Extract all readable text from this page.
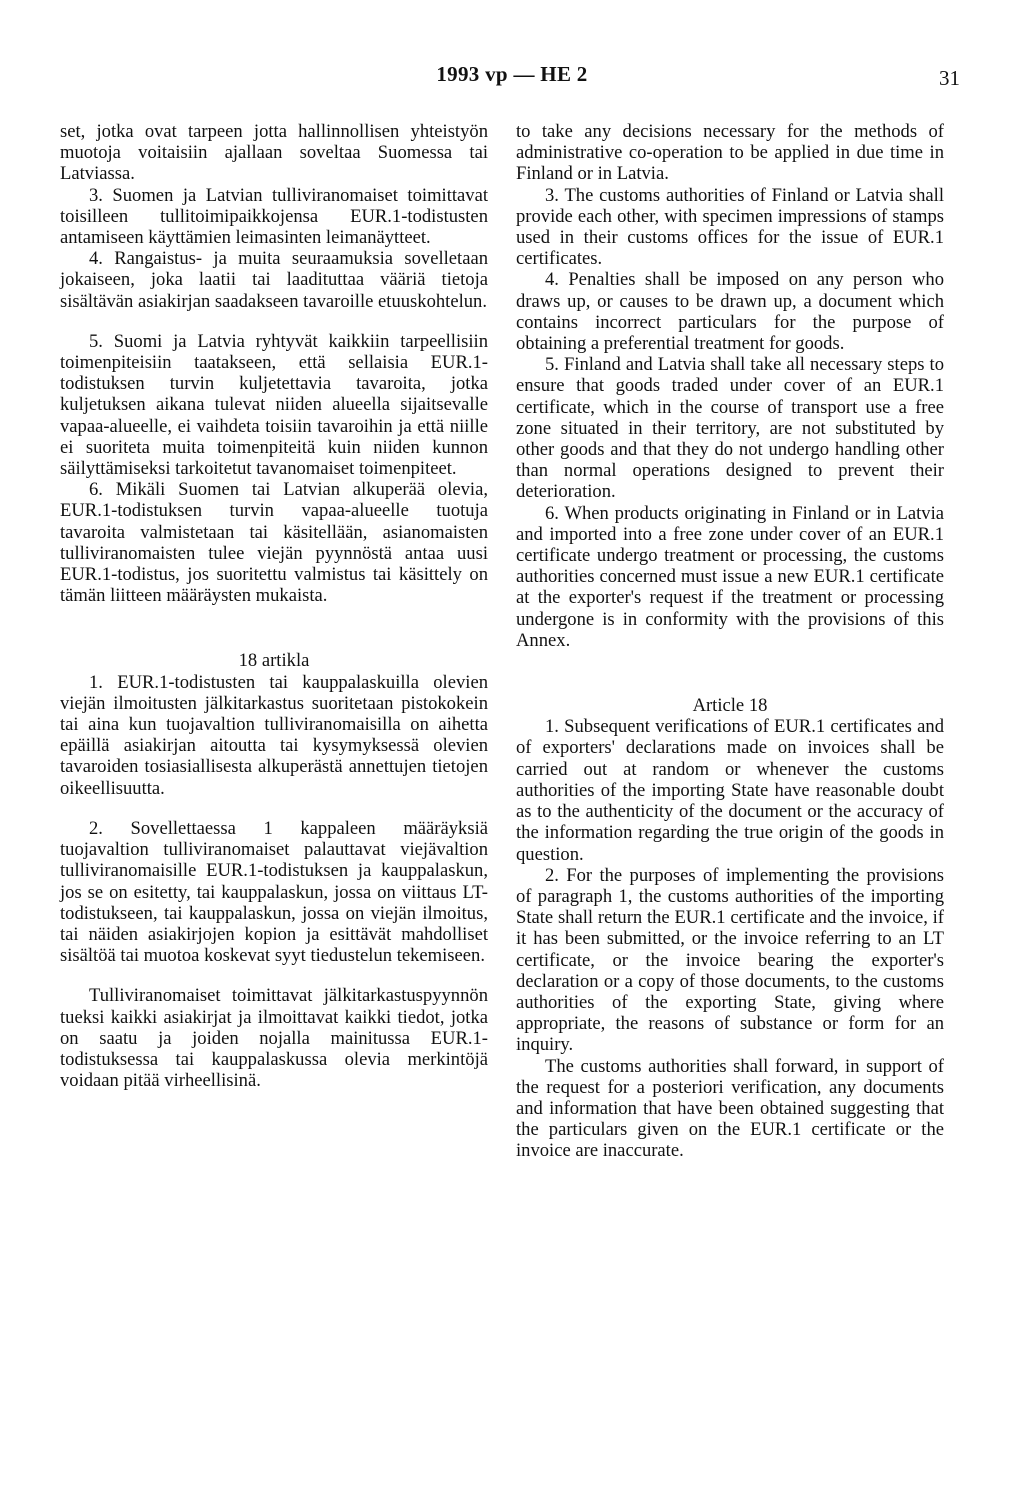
1993 vp — HE 2	31

set, jotka ovat tarpeen jotta hallinnollisen yhteistyön muotoja voitaisiin ajallaan soveltaa Suomessa tai Latviassa.

3. Suomen ja Latvian tulliviranomaiset toimittavat toisilleen tullitoimipaikkojensa EUR.1-todistusten antamiseen käyttämien leimasinten leimanäytteet.

4. Rangaistus- ja muita seuraamuksia sovelletaan jokaiseen, joka laatii tai laadituttaa vääriä tietoja sisältävän asiakirjan saadakseen tavaroille etuuskohtelun.

5. Suomi ja Latvia ryhtyvät kaikkiin tarpeellisiin toimenpiteisiin taatakseen, että sellaisia EUR.1-todistuksen turvin kuljetettavia tavaroita, jotka kuljetuksen aikana tulevat niiden alueella sijaitsevalle vapaa-alueelle, ei vaihdeta toisiin tavaroihin ja että niille ei suoriteta muita toimenpiteitä kuin niiden kunnon säilyttämiseksi tarkoitetut tavanomaiset toimenpiteet.

6. Mikäli Suomen tai Latvian alkuperää olevia, EUR.1-todistuksen turvin vapaa-alueelle tuotuja tavaroita valmistetaan tai käsitellään, asianomaisten tulliviranomaisten tulee viejän pyynnöstä antaa uusi EUR.1-todistus, jos suoritettu valmistus tai käsittely on tämän liitteen määräysten mukaista.

18 artikla

1. EUR.1-todistusten tai kauppalaskuilla olevien viejän ilmoitusten jälkitarkastus suoritetaan pistokokein tai aina kun tuojavaltion tulliviranomaisilla on aihetta epäillä asiakirjan aitoutta tai kysymyksessä olevien tavaroiden tosiasiallisesta alkuperästä annettujen tietojen oikeellisuutta.

2. Sovellettaessa 1 kappaleen määräyksiä tuojavaltion tulliviranomaiset palauttavat viejävaltion tulliviranomaisille EUR.1-todistuksen ja kauppalaskun, jos se on esitetty, tai kauppalaskun, jossa on viittaus LT-todistukseen, tai kauppalaskun, jossa on viejän ilmoitus, tai näiden asiakirjojen kopion ja esittävät mahdolliset sisältöä tai muotoa koskevat syyt tiedustelun tekemiseen.

Tulliviranomaiset toimittavat jälkitarkastuspyynnön tueksi kaikki asiakirjat ja ilmoittavat kaikki tiedot, jotka on saatu ja joiden nojalla mainitussa EUR.1-todistuksessa tai kauppalaskussa olevia merkintöjä voidaan pitää virheellisinä.

to take any decisions necessary for the methods of administrative co-operation to be applied in due time in Finland or in Latvia.

3. The customs authorities of Finland or Latvia shall provide each other, with specimen impressions of stamps used in their customs offices for the issue of EUR.1 certificates.

4. Penalties shall be imposed on any person who draws up, or causes to be drawn up, a document which contains incorrect particulars for the purpose of obtaining a preferential treatment for goods.

5. Finland and Latvia shall take all necessary steps to ensure that goods traded under cover of an EUR.1 certificate, which in the course of transport use a free zone situated in their territory, are not substituted by other goods and that they do not undergo handling other than normal operations designed to prevent their deterioration.

6. When products originating in Finland or in Latvia and imported into a free zone under cover of an EUR.1 certificate undergo treatment or processing, the customs authorities concerned must issue a new EUR.1 certificate at the exporter's request if the treatment or processing undergone is in conformity with the provisions of this Annex.

Article 18

1. Subsequent verifications of EUR.1 certificates and of exporters' declarations made on invoices shall be carried out at random or whenever the customs authorities of the importing State have reasonable doubt as to the authenticity of the document or the accuracy of the information regarding the true origin of the goods in question.

2. For the purposes of implementing the provisions of paragraph 1, the customs authorities of the importing State shall return the EUR.1 certificate and the invoice, if it has been submitted, or the invoice referring to an LT certificate, or the invoice bearing the exporter's declaration or a copy of those documents, to the customs authorities of the exporting State, giving where appropriate, the reasons of substance or form for an inquiry.

The customs authorities shall forward, in support of the request for a posteriori verification, any documents and information that have been obtained suggesting that the particulars given on the EUR.1 certificate or the invoice are inaccurate.
